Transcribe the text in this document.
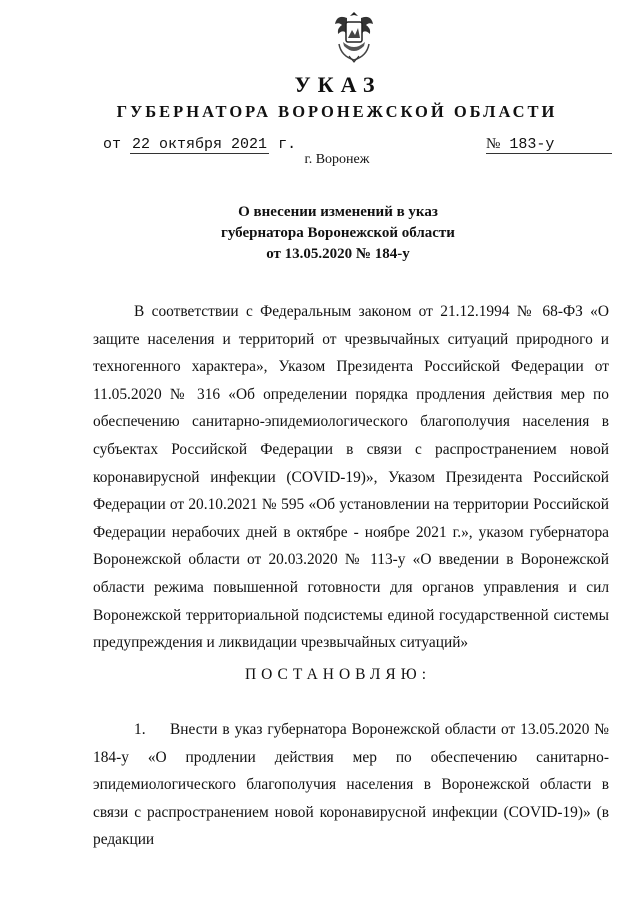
УКАЗ
ГУБЕРНАТОРА ВОРОНЕЖСКОЙ ОБЛАСТИ
от 22 октября 2021 г.	№ 183-у
г. Воронеж
О внесении изменений в указ
губернатора Воронежской области
от 13.05.2020 № 184-у

В соответствии с Федеральным законом от 21.12.1994 № 68-ФЗ «О защите населения и территорий от чрезвычайных ситуаций природного и техногенного характера», Указом Президента Российской Федерации от 11.05.2020 № 316 «Об определении порядка продления действия мер по обеспечению санитарно-эпидемиологического благополучия населения в субъектах Российской Федерации в связи с распространением новой коронавирусной инфекции (COVID-19)», Указом Президента Российской Федерации от 20.10.2021 № 595 «Об установлении на территории Российской Федерации нерабочих дней в октябре - ноябре 2021 г.», указом губернатора Воронежской области от 20.03.2020 № 113-у «О введении в Воронежской области режима повышенной готовности для органов управления и сил Воронежской территориальной подсистемы единой государственной системы предупреждения и ликвидации чрезвычайных ситуаций»

ПОСТАНОВЛЯЮ:

1. Внести в указ губернатора Воронежской области от 13.05.2020 № 184-у «О продлении действия мер по обеспечению санитарно-эпидемиологического благополучия населения в Воронежской области в связи с распространением новой коронавирусной инфекции (COVID-19)» (в редакции
